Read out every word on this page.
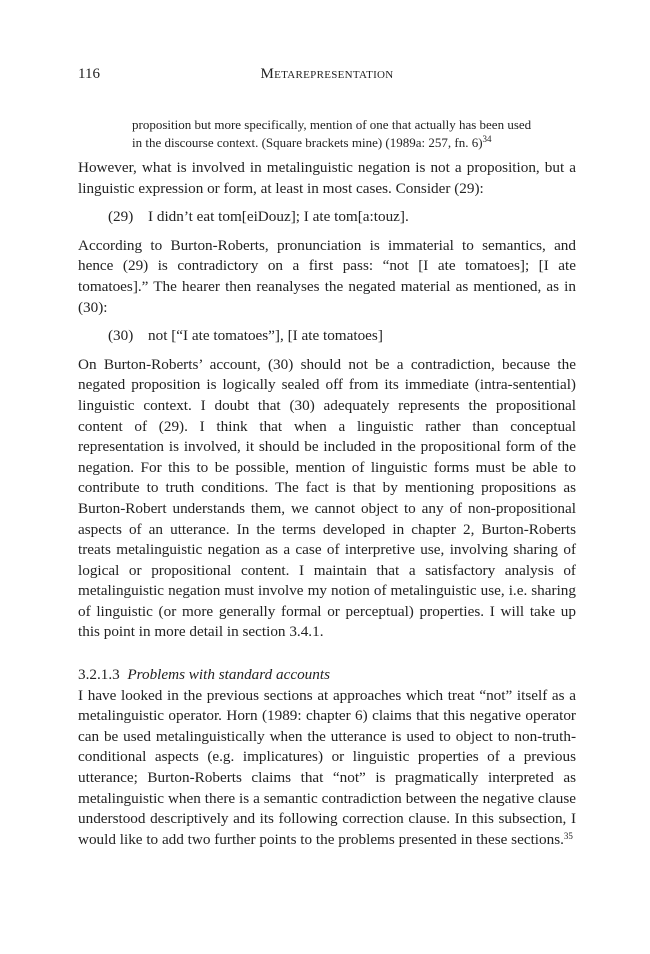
116	Metarepresentation
proposition but more specifically, mention of one that actually has been used
in the discourse context. (Square brackets mine) (1989a: 257, fn. 6)$^{34}$

However, what is involved in metalinguistic negation is not a proposition, but a linguistic expression or form, at least in most cases. Consider (29):

(29) I didn’t eat tom[eiDouz]; I ate tom[a:touz].

According to Burton-Roberts, pronunciation is immaterial to semantics, and hence (29) is contradictory on a first pass: “not [I ate tomatoes]; [I ate tomatoes].” The hearer then reanalyses the negated material as mentioned, as in (30):

(30) not [“I ate tomatoes”], [I ate tomatoes]

On Burton-Roberts’ account, (30) should not be a contradiction, because the negated proposition is logically sealed off from its immediate (intra-sentential) linguistic context. I doubt that (30) adequately represents the propositional content of (29). I think that when a linguistic rather than conceptual representation is involved, it should be included in the propositional form of the negation. For this to be possible, mention of linguistic forms must be able to contribute to truth conditions. The fact is that by mentioning propositions as Burton-Robert understands them, we cannot object to any of non-propositional aspects of an utterance. In the terms developed in chapter 2, Burton-Roberts treats metalinguistic negation as a case of interpretive use, involving sharing of logical or propositional content. I maintain that a satisfactory analysis of metalinguistic negation must involve my notion of metalinguistic use, i.e. sharing of linguistic (or more generally formal or perceptual) properties. I will take up this point in more detail in section 3.4.1.

3.2.1.3 Problems with standard accounts

I have looked in the previous sections at approaches which treat “not” itself as a metalinguistic operator. Horn (1989: chapter 6) claims that this negative operator can be used metalinguistically when the utterance is used to object to non-truth-conditional aspects (e.g. implicatures) or linguistic properties of a previous utterance; Burton-Roberts claims that “not” is pragmatically interpreted as metalinguistic when there is a semantic contradiction between the negative clause understood descriptively and its following correction clause. In this subsection, I would like to add two further points to the problems presented in these sections.$^{35}$
